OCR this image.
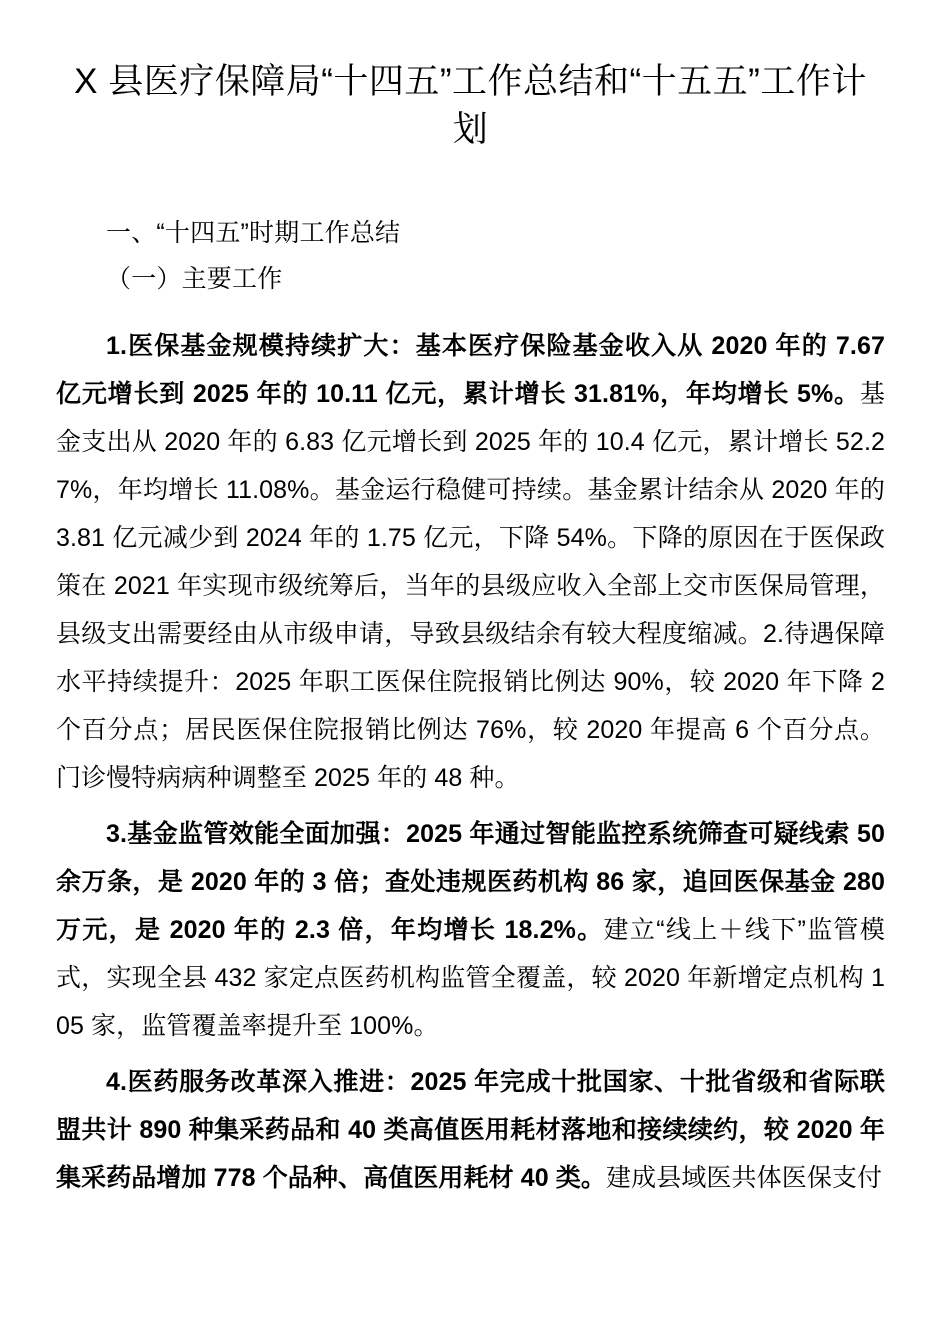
X 县医疗保障局“十四五”工作总结和“十五五”工作计划
一、“十四五”时期工作总结
（一）主要工作

1.医保基金规模持续扩大：基本医疗保险基金收入从 2020 年的 7.67 亿元增长到 2025 年的 10.11 亿元，累计增长 31.81%，年均增长 5%。基金支出从 2020 年的 6.83 亿元增长到 2025 年的 10.4 亿元，累计增长 52.27%，年均增长 11.08%。基金运行稳健可持续。基金累计结余从 2020 年的 3.81 亿元减少到 2024 年的 1.75 亿元，下降 54%。下降的原因在于医保政策在 2021 年实现市级统筹后，当年的县级应收入全部上交市医保局管理，县级支出需要经由从市级申请，导致县级结余有较大程度缩减。2.待遇保障水平持续提升：2025 年职工医保住院报销比例达 90%，较 2020 年下降 2 个百分点；居民医保住院报销比例达 76%，较 2020 年提高 6 个百分点。门诊慢特病病种调整至 2025 年的 48 种。

3.基金监管效能全面加强：2025 年通过智能监控系统筛查可疑线索 50 余万条，是 2020 年的 3 倍；查处违规医药机构 86 家，追回医保基金 280 万元，是 2020 年的 2.3 倍，年均增长 18.2%。建立“线上＋线下”监管模式，实现全县 432 家定点医药机构监管全覆盖，较 2020 年新增定点机构 105 家，监管覆盖率提升至 100%。

4.医药服务改革深入推进：2025 年完成十批国家、十批省级和省际联盟共计 890 种集采药品和 40 类高值医用耗材落地和接续续约，较 2020 年集采药品增加 778 个品种、高值医用耗材 40 类。建成县域医共体医保支付
